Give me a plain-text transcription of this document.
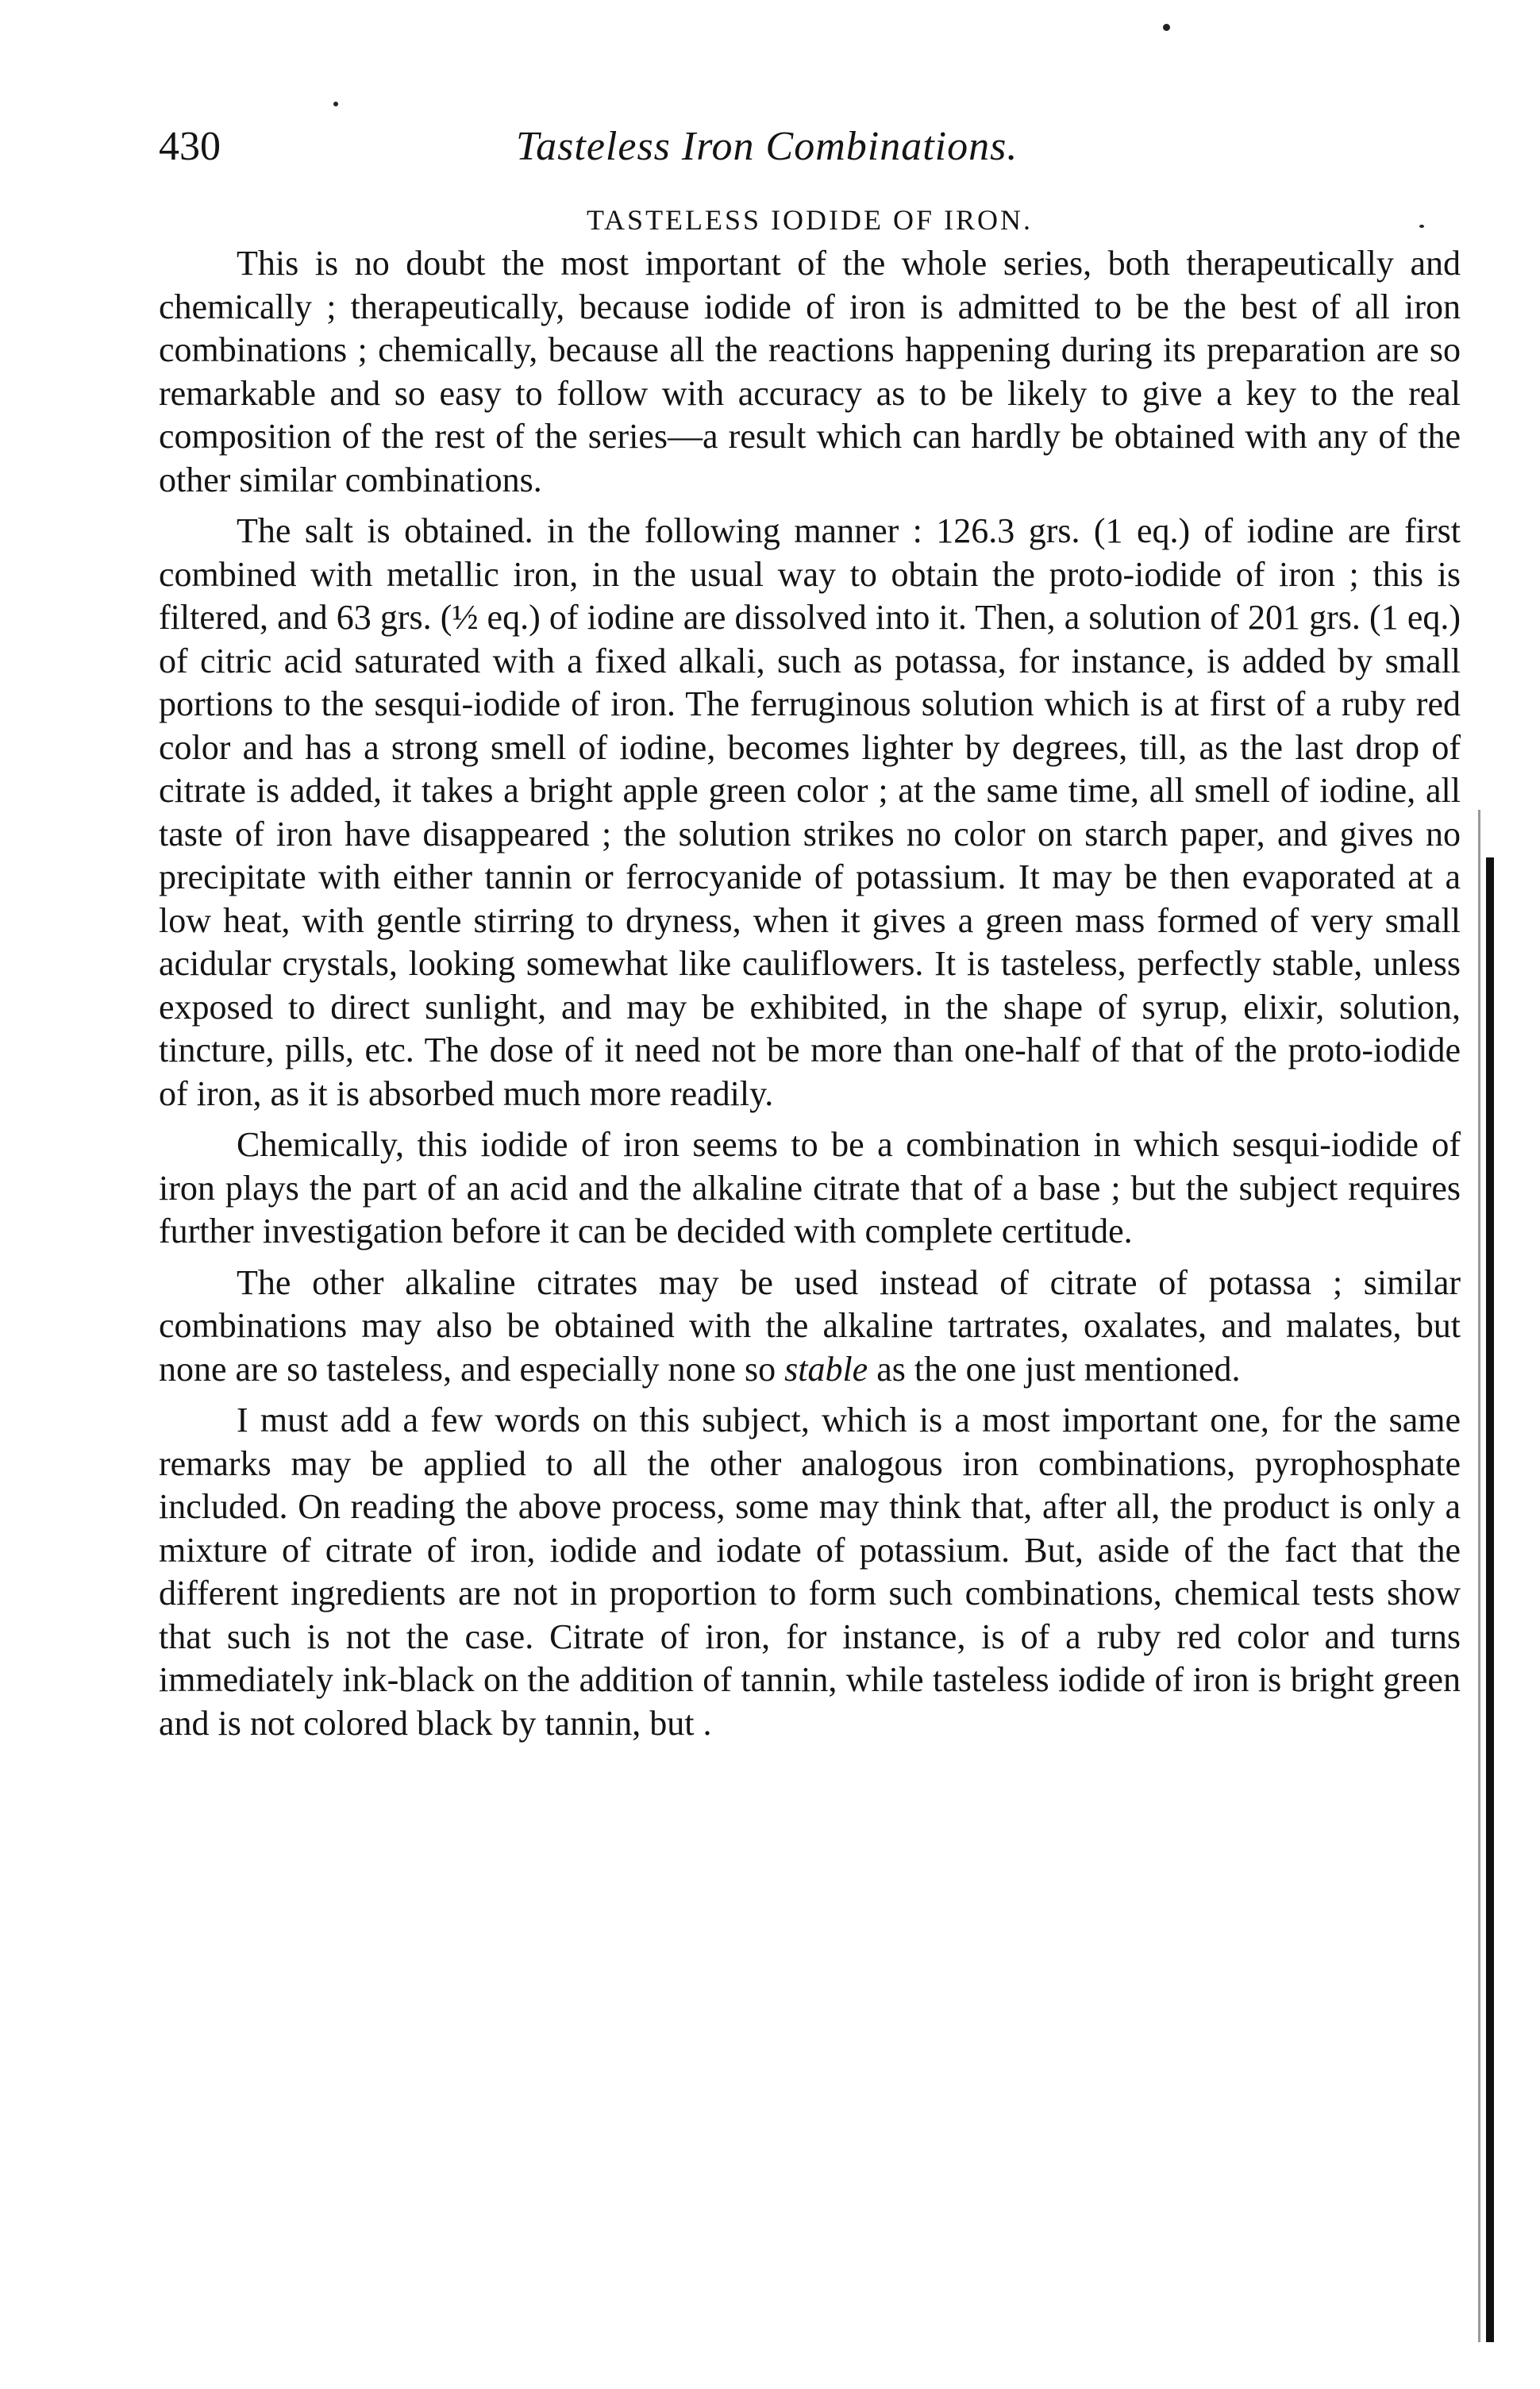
430	Tasteless Iron Combinations.
TASTELESS IODIDE OF IRON.

This is no doubt the most important of the whole series, both therapeutically and chemically ; therapeutically, because iodide of iron is admitted to be the best of all iron combinations ; chemically, because all the reactions happening during its preparation are so remarkable and so easy to follow with accuracy as to be likely to give a key to the real composition of the rest of the series—a result which can hardly be obtained with any of the other similar combinations.

The salt is obtained. in the following manner : 126.3 grs. (1 eq.) of iodine are first combined with metallic iron, in the usual way to obtain the proto-iodide of iron ; this is filtered, and 63 grs. (½ eq.) of iodine are dissolved into it. Then, a solution of 201 grs. (1 eq.) of citric acid saturated with a fixed alkali, such as potassa, for instance, is added by small portions to the sesqui-iodide of iron. The ferruginous solution which is at first of a ruby red color and has a strong smell of iodine, becomes lighter by degrees, till, as the last drop of citrate is added, it takes a bright apple green color ; at the same time, all smell of iodine, all taste of iron have disappeared ; the solution strikes no color on starch paper, and gives no precipitate with either tannin or ferrocyanide of potassium. It may be then evaporated at a low heat, with gentle stirring to dryness, when it gives a green mass formed of very small acidular crystals, looking somewhat like cauliflowers. It is tasteless, perfectly stable, unless exposed to direct sunlight, and may be exhibited, in the shape of syrup, elixir, solution, tincture, pills, etc. The dose of it need not be more than one-half of that of the proto-iodide of iron, as it is absorbed much more readily.

Chemically, this iodide of iron seems to be a combination in which sesqui-iodide of iron plays the part of an acid and the alkaline citrate that of a base ; but the subject requires further investigation before it can be decided with complete certitude.

The other alkaline citrates may be used instead of citrate of potassa ; similar combinations may also be obtained with the alkaline tartrates, oxalates, and malates, but none are so tasteless, and especially none so stable as the one just mentioned.

I must add a few words on this subject, which is a most important one, for the same remarks may be applied to all the other analogous iron combinations, pyrophosphate included. On reading the above process, some may think that, after all, the product is only a mixture of citrate of iron, iodide and iodate of potassium. But, aside of the fact that the different ingredients are not in proportion to form such combinations, chemical tests show that such is not the case. Citrate of iron, for instance, is of a ruby red color and turns immediately ink-black on the addition of tannin, while tasteless iodide of iron is bright green and is not colored black by tannin, but .
